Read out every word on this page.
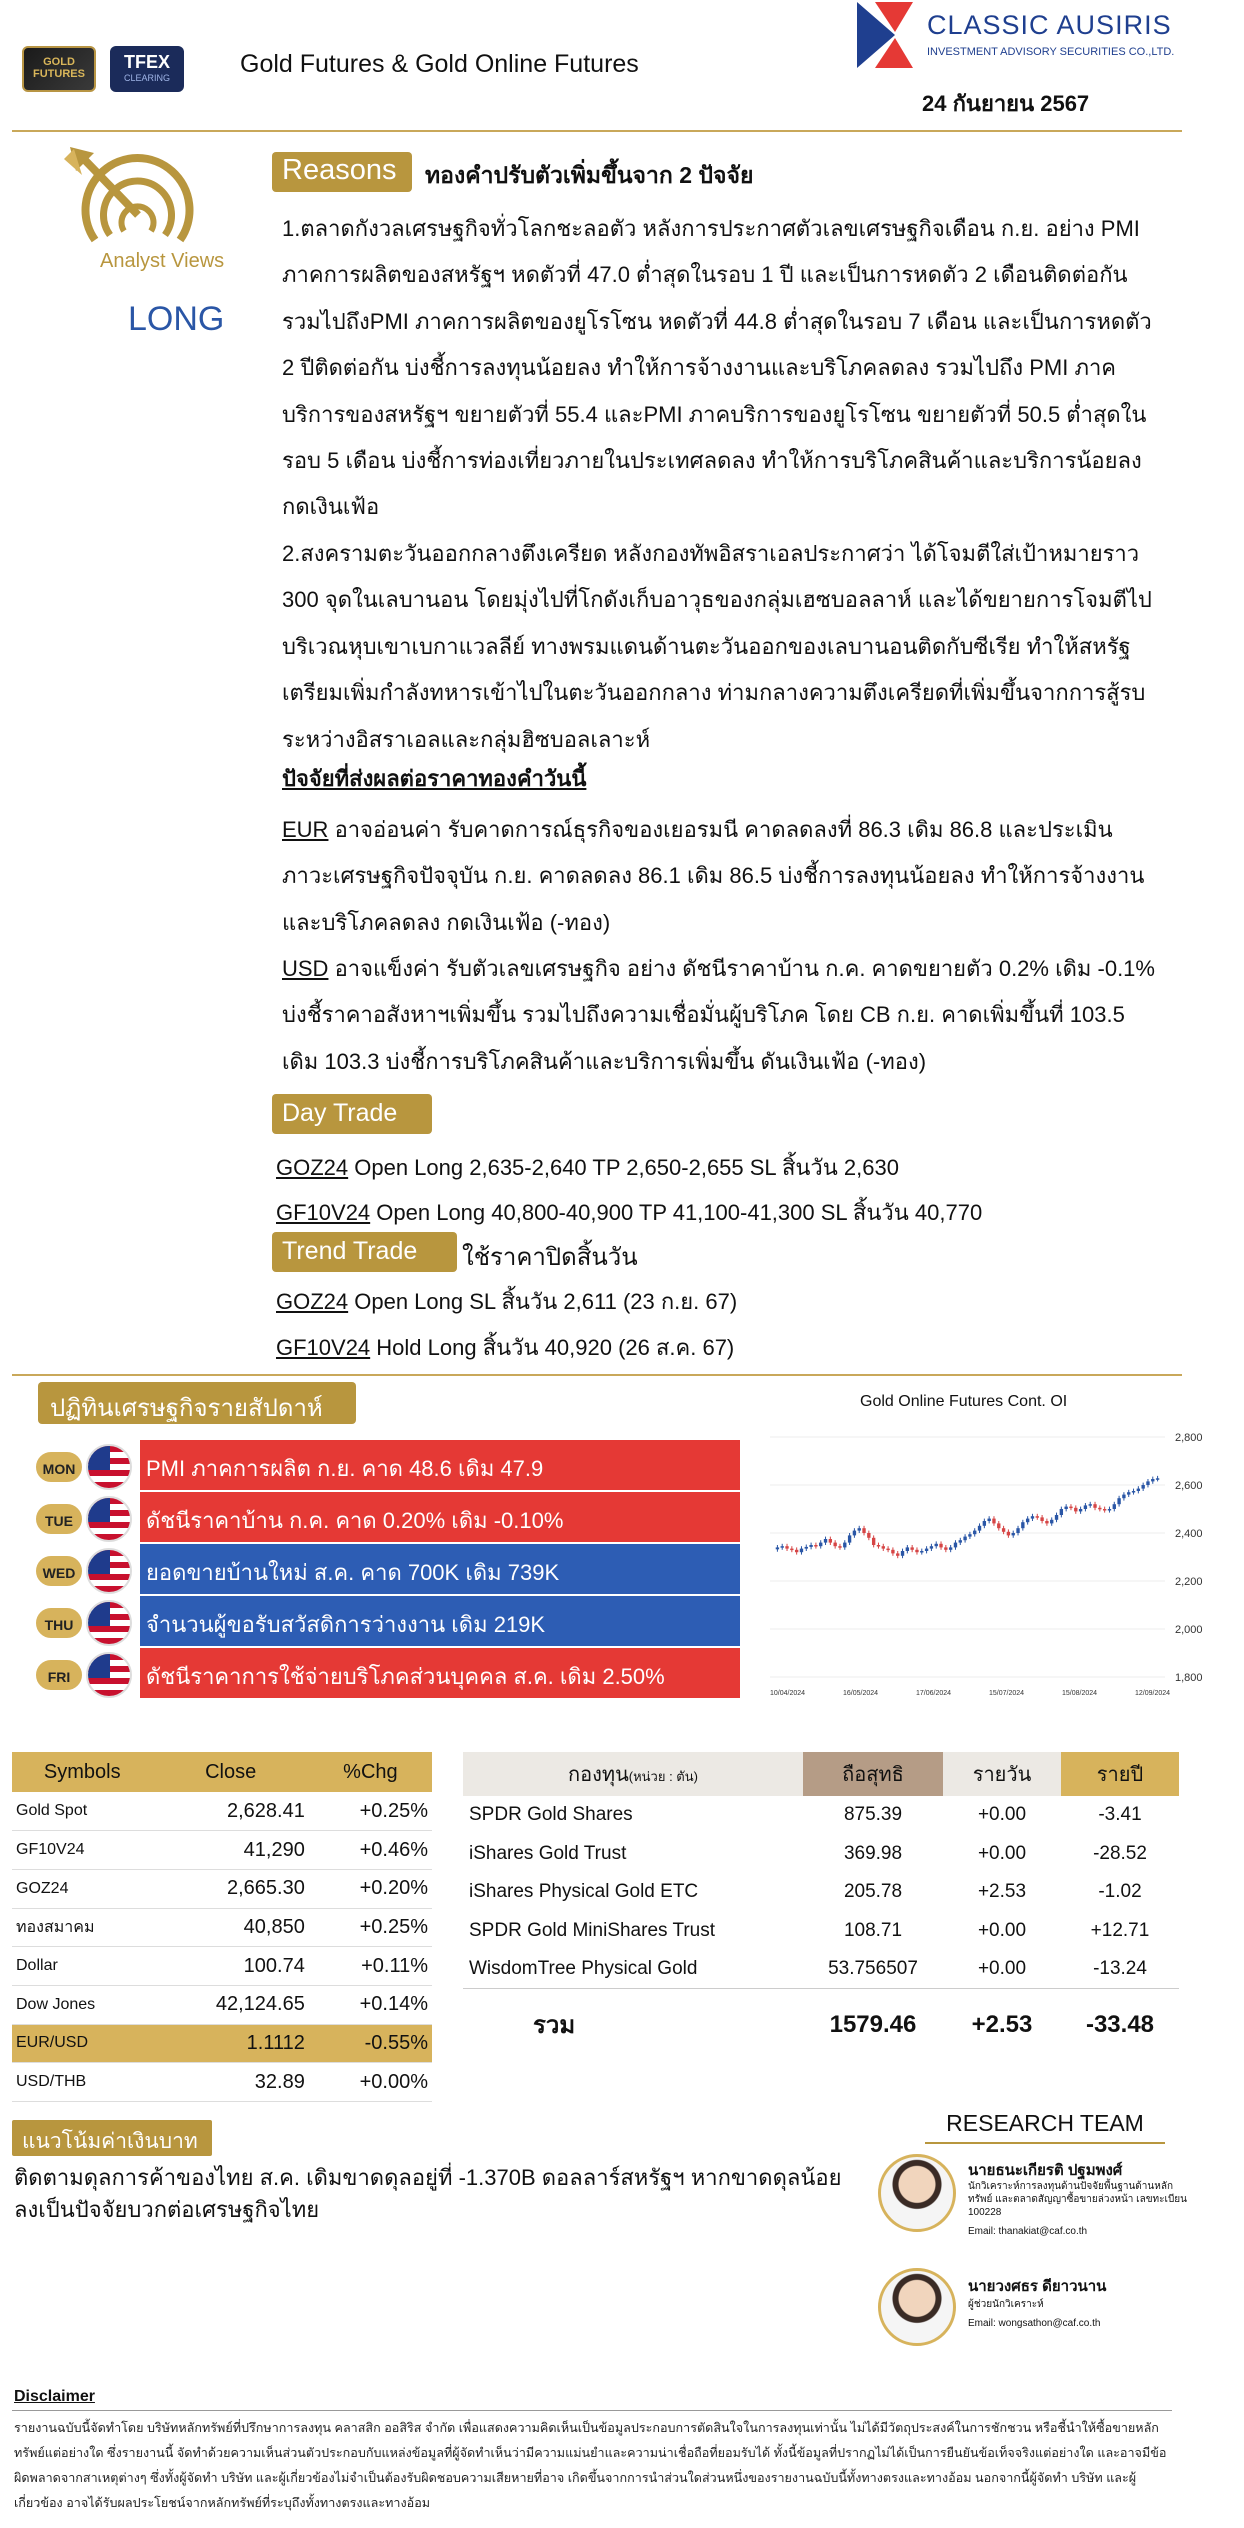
GOLD FUTURES
TFEX
CLEARING	Gold Futures & Gold Online Futures
CLASSIC AUSIRIS
INVESTMENT ADVISORY SECURITIES CO.,LTD.
24 กันยายน 2567
Analyst Views
LONG
Reasons	ทองคำปรับตัวเพิ่มขึ้นจาก 2 ปัจจัย
1.ตลาดกังวลเศรษฐกิจทั่วโลกชะลอตัว หลังการประกาศตัวเลขเศรษฐกิจเดือน ก.ย. อย่าง PMI ภาคการผลิตของสหรัฐฯ หดตัวที่ 47.0 ต่ำสุดในรอบ 1 ปี และเป็นการหดตัว 2 เดือนติดต่อกัน รวมไปถึงPMI ภาคการผลิตของยูโรโซน หดตัวที่ 44.8 ต่ำสุดในรอบ 7 เดือน และเป็นการหดตัว 2 ปีติดต่อกัน บ่งชี้การลงทุนน้อยลง ทำให้การจ้างงานและบริโภคลดลง รวมไปถึง PMI ภาคบริการของสหรัฐฯ ขยายตัวที่ 55.4 และPMI ภาคบริการของยูโรโซน ขยายตัวที่ 50.5 ต่ำสุดในรอบ 5 เดือน บ่งชี้การท่องเที่ยวภายในประเทศลดลง ทำให้การบริโภคสินค้าและบริการน้อยลง กดเงินเฟ้อ
2.สงครามตะวันออกกลางตึงเครียด หลังกองทัพอิสราเอลประกาศว่า ได้โจมตีใส่เป้าหมายราว 300 จุดในเลบานอน โดยมุ่งไปที่โกดังเก็บอาวุธของกลุ่มเฮซบอลลาห์ และได้ขยายการโจมตีไปบริเวณหุบเขาเบกาแวลลีย์ ทางพรมแดนด้านตะวันออกของเลบานอนติดกับซีเรีย ทำให้สหรัฐเตรียมเพิ่มกำลังทหารเข้าไปในตะวันออกกลาง ท่ามกลางความตึงเครียดที่เพิ่มขึ้นจากการสู้รบระหว่างอิสราเอลและกลุ่มฮิซบอลเลาะห์
ปัจจัยที่ส่งผลต่อราคาทองคำวันนี้
EUR อาจอ่อนค่า รับคาดการณ์ธุรกิจของเยอรมนี คาดลดลงที่ 86.3 เดิม 86.8 และประเมินภาวะเศรษฐกิจปัจจุบัน ก.ย. คาดลดลง 86.1 เดิม 86.5 บ่งชี้การลงทุนน้อยลง ทำให้การจ้างงานและบริโภคลดลง กดเงินเฟ้อ (-ทอง)
USD อาจแข็งค่า รับตัวเลขเศรษฐกิจ อย่าง ดัชนีราคาบ้าน ก.ค. คาดขยายตัว 0.2% เดิม -0.1% บ่งชี้ราคาอสังหาฯเพิ่มขึ้น รวมไปถึงความเชื่อมั่นผู้บริโภค โดย CB ก.ย. คาดเพิ่มขึ้นที่ 103.5 เดิม 103.3 บ่งชี้การบริโภคสินค้าและบริการเพิ่มขึ้น ดันเงินเฟ้อ (-ทอง)
Day Trade
GOZ24 Open Long 2,635-2,640 TP 2,650-2,655 SL สิ้นวัน 2,630
GF10V24 Open Long 40,800-40,900 TP 41,100-41,300 SL สิ้นวัน 40,770
Trend Trade	ใช้ราคาปิดสิ้นวัน
GOZ24 Open Long SL สิ้นวัน 2,611 (23 ก.ย. 67)
GF10V24 Hold Long สิ้นวัน 40,920 (26 ส.ค. 67)
ปฏิทินเศรษฐกิจรายสัปดาห์
MON	PMI ภาคการผลิต ก.ย. คาด 48.6 เดิม 47.9
TUE	ดัชนีราคาบ้าน ก.ค. คาด 0.20% เดิม -0.10%
WED	ยอดขายบ้านใหม่ ส.ค. คาด 700K เดิม 739K
THU	จำนวนผู้ขอรับสวัสดิการว่างงาน เดิม 219K
FRI	ดัชนีราคาการใช้จ่ายบริโภคส่วนบุคคล ส.ค. เดิม 2.50%
Gold Online Futures Cont. OI
2,800
2,600
2,400
2,200
2,000
1,800
10/04/2024	16/05/2024	17/06/2024	15/07/2024	15/08/2024	12/09/2024
Symbols	Close	%Chg
Gold Spot	2,628.41	+0.25%
GF10V24	41,290	+0.46%
GOZ24	2,665.30	+0.20%
ทองสมาคม	40,850	+0.25%
Dollar	100.74	+0.11%
Dow Jones	42,124.65	+0.14%
EUR/USD	1.1112	-0.55%
USD/THB	32.89	+0.00%
กองทุน(หน่วย : ตัน)	ถือสุทธิ	รายวัน	รายปี
SPDR Gold Shares	875.39	+0.00	-3.41
iShares Gold Trust	369.98	+0.00	-28.52
iShares Physical Gold ETC	205.78	+2.53	-1.02
SPDR Gold MiniShares Trust	108.71	+0.00	+12.71
WisdomTree Physical Gold	53.756507	+0.00	-13.24
รวม	1579.46	+2.53	-33.48
แนวโน้มค่าเงินบาท
ติดตามดุลการค้าของไทย ส.ค. เดิมขาดดุลอยู่ที่ -1.370B ดอลลาร์สหรัฐฯ หากขาดดุลน้อยลงเป็นปัจจัยบวกต่อเศรษฐกิจไทย
RESEARCH TEAM
นายธนะเกียรติ ปฐมพงศ์
นักวิเคราะห์การลงทุนด้านปัจจัยพื้นฐานด้านหลักทรัพย์ และตลาดสัญญาซื้อขายล่วงหน้า เลขทะเบียน 100228
Email: thanakiat@caf.co.th
นายวงศธร ดียาวนาน
ผู้ช่วยนักวิเคราะห์
Email: wongsathon@caf.co.th
Disclaimer
รายงานฉบับนี้จัดทำโดย บริษัทหลักทรัพย์ที่ปรึกษาการลงทุน คลาสสิก ออสิริส จำกัด เพื่อแสดงความคิดเห็นเป็นข้อมูลประกอบการตัดสินใจในการลงทุนเท่านั้น ไม่ได้มีวัตถุประสงค์ในการชักชวน หรือชี้นำให้ซื้อขายหลักทรัพย์แต่อย่างใด ซึ่งรายงานนี้ จัดทำด้วยความเห็นส่วนตัวประกอบกับแหล่งข้อมูลที่ผู้จัดทำเห็นว่ามีความแม่นยำและความน่าเชื่อถือที่ยอมรับได้ ทั้งนี้ข้อมูลที่ปรากฏไม่ได้เป็นการยืนยันข้อเท็จจริงแต่อย่างใด และอาจมีข้อผิดพลาดจากสาเหตุต่างๆ ซึ่งทั้งผู้จัดทำ บริษัท และผู้เกี่ยวข้องไม่จำเป็นต้องรับผิดชอบความเสียหายที่อาจ เกิดขึ้นจากการนำส่วนใดส่วนหนึ่งของรายงานฉบับนี้ทั้งทางตรงและทางอ้อม นอกจากนี้ผู้จัดทำ บริษัท และผู้เกี่ยวข้อง อาจได้รับผลประโยชน์จากหลักทรัพย์ที่ระบุถึงทั้งทางตรงและทางอ้อม
